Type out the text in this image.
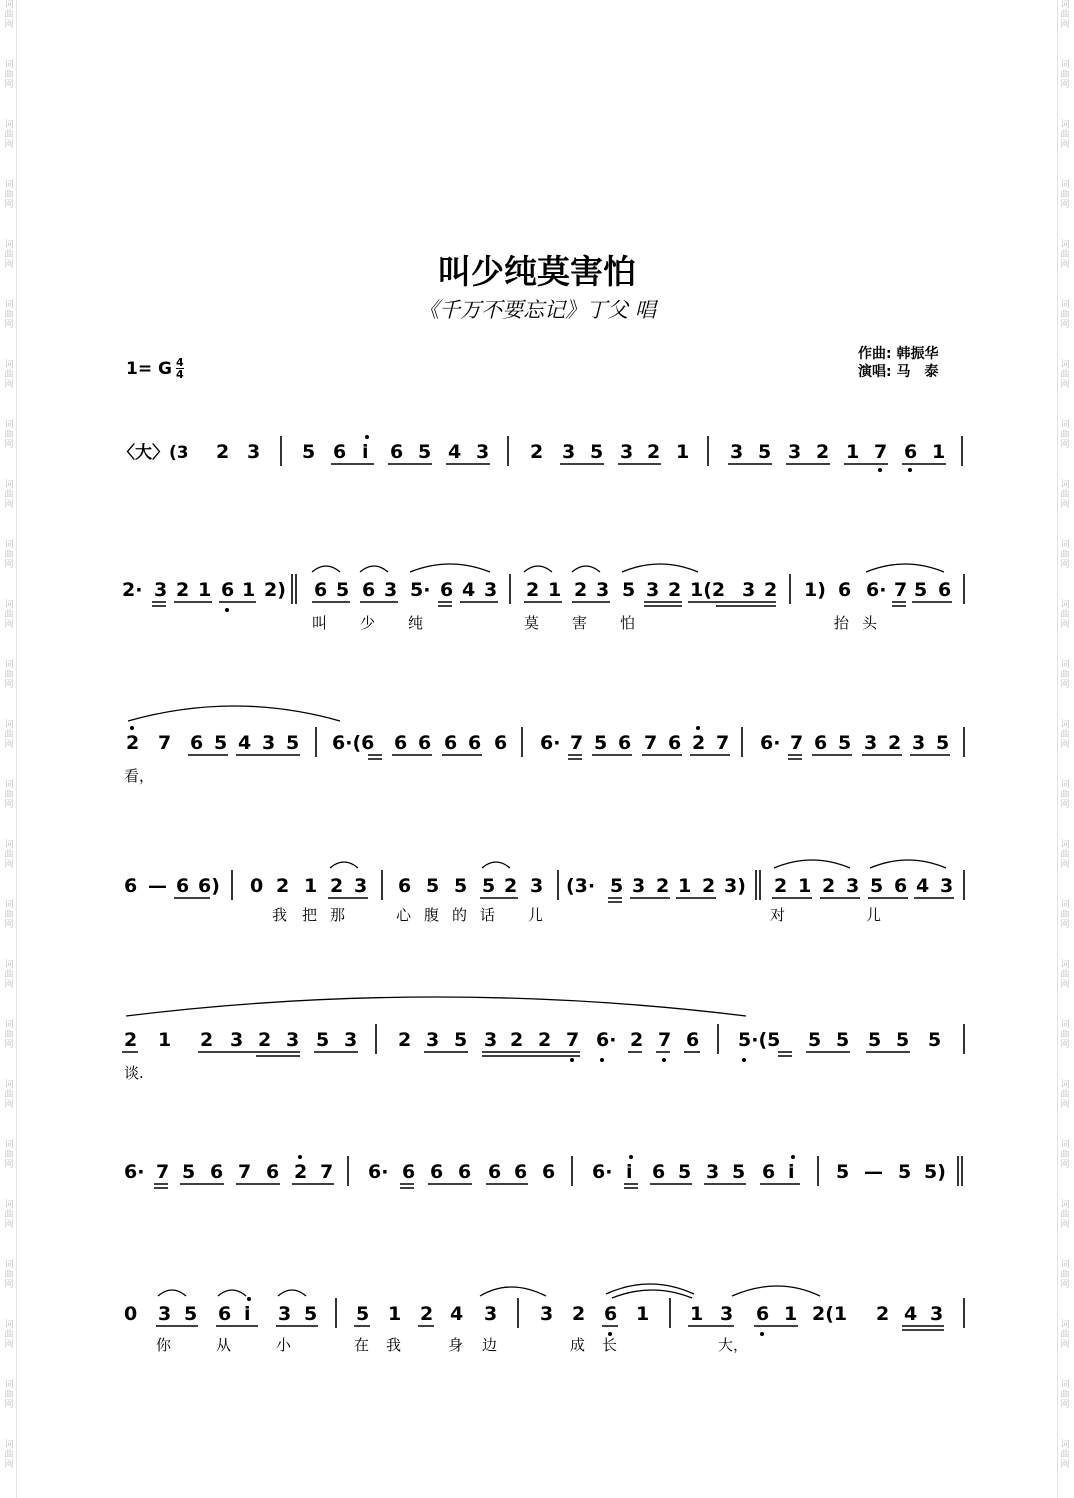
词
曲
网
词
曲
网
词
曲
网
词
曲
网
词
曲
网
词
曲
网
词
曲
网
词
曲
网
词
曲
网
词
曲
网
词
曲
网
词
曲
网
词
曲
网
词
曲
网
词
曲
网
词
曲
网
词
曲
网
词
曲
网
词
曲
网
词
曲
网
词
曲
网
词
曲
网
词
曲
网
词
曲
网
词
曲
网
词
曲
网
词
曲
网
词
曲
网
词
曲
网
词
曲
网
词
曲
网
词
曲
网
词
曲
网
词
曲
网
词
曲
网
词
曲
网
词
曲
网
词
曲
网
词
曲
网
词
曲
网
词
曲
网
词
曲
网
词
曲
网
词
曲
网
词
曲
网
词
曲
网
词
曲
网
词
曲
网
词
曲
网
词
曲
网
叫少纯莫害怕
《千万不要忘记》丁父 唱
1= G $\frac{4}{4}$
作曲: 韩振华
演唱: 马　泰
〈大〉(3 2 3 5 6 i 6 5 4 3 2 3 5 3 2 1 3 5 3 2 1 7 6 1
2· 3 2 1 6 1 2) 6 5 6 3 5· 6 4 3 2 1 2 3 5 3 2 1(2 3 2 1) 6 6· 7 5 6
叫 少 纯	莫 害 怕	抬 头
2 7 6 5 4 3 5 6·(6 6 6 6 6 6 6· 7 5 6 7 6 2 7 6· 7 6 5 3 2 3 5
看，
6 — 6 6) 0 2 1 2 3 6 5 5 5 2 3 (3· 5 3 2 1 2 3) 2 1 2 3 5 6 4 3
我 把 那	心 腹 的 话 儿	对	儿
2 1 2 3 2 3 5 3 2 3 5 3 2 2 7 6· 2 7 6 5·(5 5 5 5 5 5
谈.
6· 7 5 6 7 6 2 7 6· 6 6 6 6 6 6 6· i 6 5 3 5 6 i 5 — 5 5)
0 3 5 6 i 3 5 5 1 2 4 3 3 2 6 1 1 3 6 1 2(1 2 4 3
你	从	小	在 我	身 边	成 长	大，
